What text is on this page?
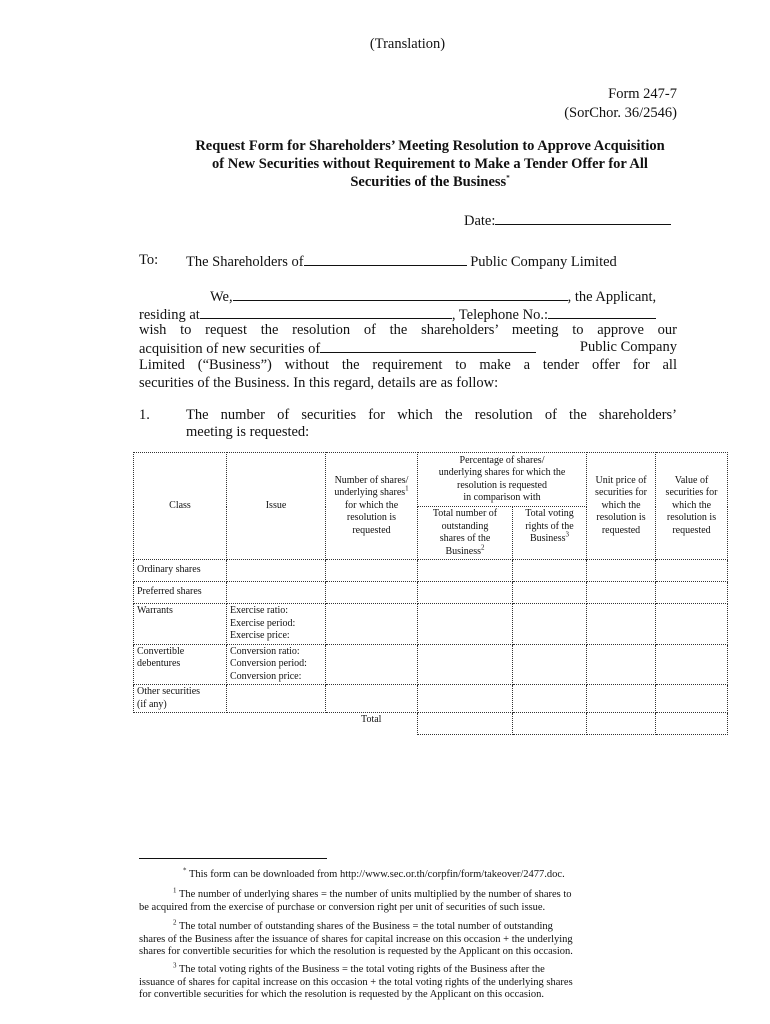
(Translation)
Form 247-7
(SorChor. 36/2546)
Request Form for Shareholders’ Meeting Resolution to Approve Acquisition
of New Securities without Requirement to Make a Tender Offer for All
Securities of the Business*
Date:
To: The Shareholders of	Public Company Limited
We,	, the Applicant,
residing at	, Telephone No.:
wish to request the resolution of the shareholders’ meeting to approve our
acquisition of new securities of	Public Company
Limited (“Business”) without the requirement to make a tender offer for all
securities of the Business. In this regard, details are as follow:
1. The number of securities for which the resolution of the shareholders’
meeting is requested:
Class	Issue	Number of shares/
underlying shares$^1$
for which the
resolution is
requested	Percentage of shares/
underlying shares for which the
resolution is requested
in comparison with		Unit price of
securities for
which the
resolution is
requested	Value of
securities for
which the
resolution is
requested

			Total number of
outstanding
shares of the
Business$^2$	Total voting
rights of the
Business$^3$

Ordinary shares						
Preferred shares						
Warrants	Exercise ratio:
Exercise period:
Exercise price:					

Convertible
debentures	Conversion ratio:
Conversion period:
Conversion price:					

Other securities
(if any)						

		Total				
* This form can be downloaded from http://www.sec.or.th/corpfin/form/takeover/2477.doc.
$^1$ The number of underlying shares = the number of units multiplied by the number of shares to
be acquired from the exercise of purchase or conversion right per unit of securities of such issue.
$^2$ The total number of outstanding shares of the Business = the total number of outstanding
shares of the Business after the issuance of shares for capital increase on this occasion + the underlying
shares for convertible securities for which the resolution is requested by the Applicant on this occasion.
$^3$ The total voting rights of the Business = the total voting rights of the Business after the
issuance of shares for capital increase on this occasion + the total voting rights of the underlying shares
for convertible securities for which the resolution is requested by the Applicant on this occasion.
